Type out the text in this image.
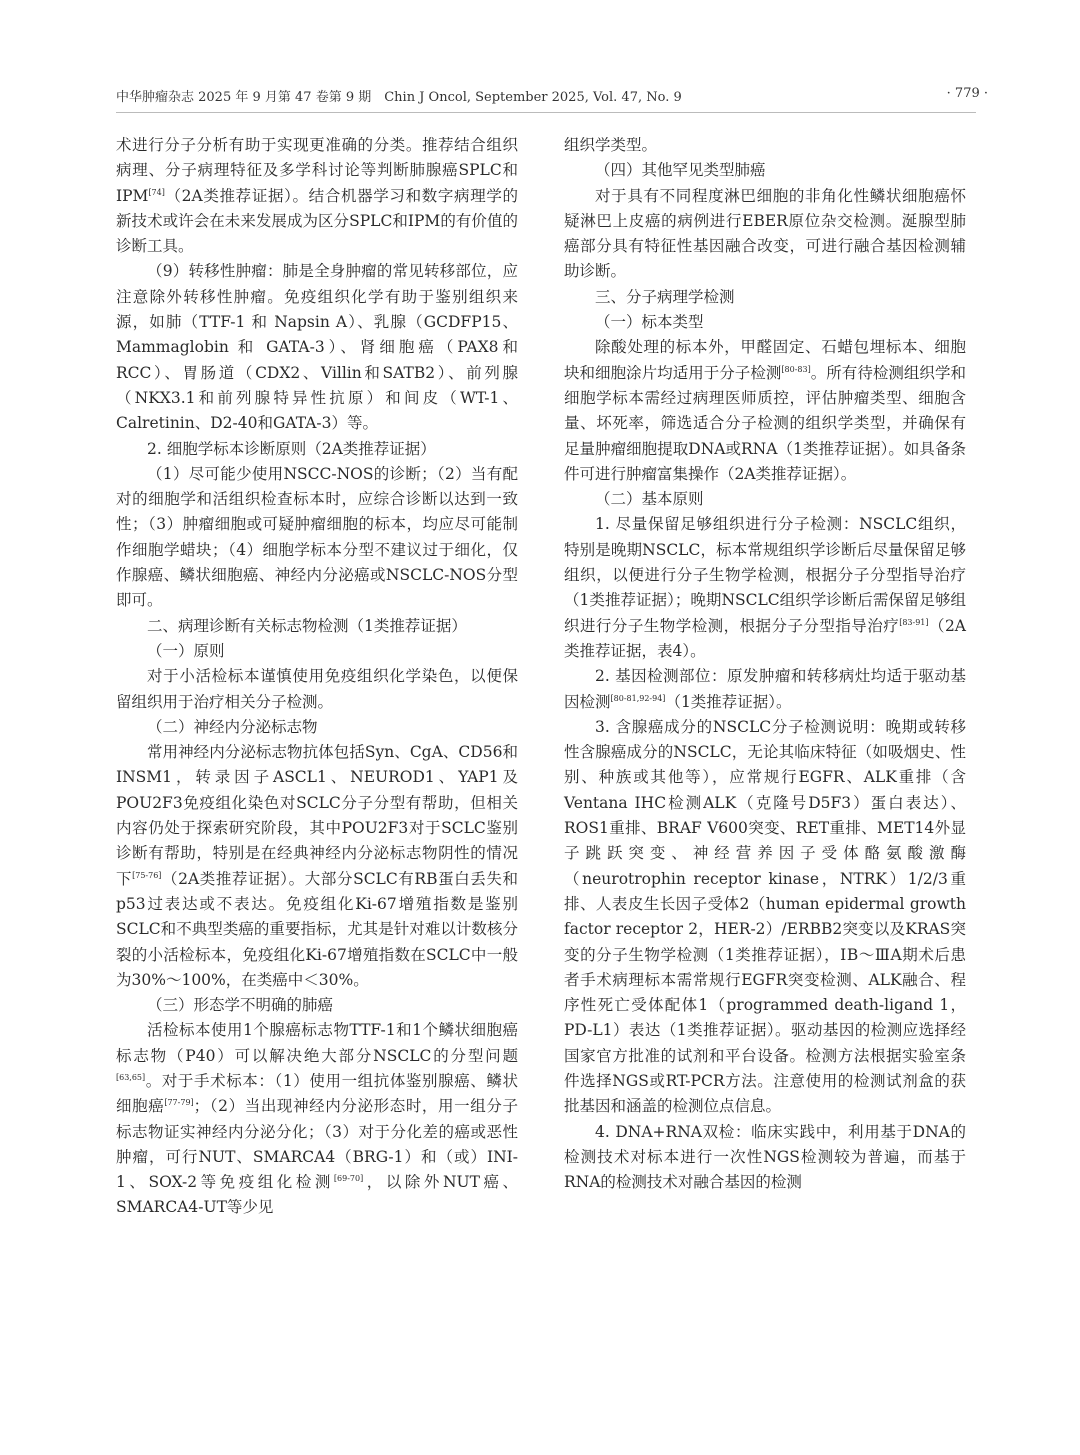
中华肿瘤杂志 2025 年 9 月第 47 卷第 9 期　Chin J Oncol, September 2025, Vol. 47, No. 9	· 779 ·

术进行分子分析有助于实现更准确的分类。推荐结合组织病理、分子病理特征及多学科讨论等判断肺腺癌SPLC和IPM[74]（2A类推荐证据）。结合机器学习和数字病理学的新技术或许会在未来发展成为区分SPLC和IPM的有价值的诊断工具。

（9）转移性肿瘤：肺是全身肿瘤的常见转移部位，应注意除外转移性肿瘤。免疫组织化学有助于鉴别组织来源，如肺（TTF-1 和 Napsin A）、乳腺（GCDFP15、Mammaglobin 和 GATA-3）、肾细胞癌（PAX8和RCC）、胃肠道（CDX2、Villin和SATB2）、前列腺（NKX3.1和前列腺特异性抗原）和间皮（WT-1、Calretinin、D2-40和GATA-3）等。

2. 细胞学标本诊断原则（2A类推荐证据）

（1）尽可能少使用NSCC-NOS的诊断；（2）当有配对的细胞学和活组织检查标本时，应综合诊断以达到一致性；（3）肿瘤细胞或可疑肿瘤细胞的标本，均应尽可能制作细胞学蜡块；（4）细胞学标本分型不建议过于细化，仅作腺癌、鳞状细胞癌、神经内分泌癌或NSCLC-NOS分型即可。

二、病理诊断有关标志物检测（1类推荐证据）

（一）原则

对于小活检标本谨慎使用免疫组织化学染色，以便保留组织用于治疗相关分子检测。

（二）神经内分泌标志物

常用神经内分泌标志物抗体包括Syn、CgA、CD56和INSM1，转录因子ASCL1、NEUROD1、YAP1及POU2F3免疫组化染色对SCLC分子分型有帮助，但相关内容仍处于探索研究阶段，其中POU2F3对于SCLC鉴别诊断有帮助，特别是在经典神经内分泌标志物阴性的情况下[75-76]（2A类推荐证据）。大部分SCLC有RB蛋白丢失和p53过表达或不表达。免疫组化Ki-67增殖指数是鉴别SCLC和不典型类癌的重要指标，尤其是针对难以计数核分裂的小活检标本，免疫组化Ki-67增殖指数在SCLC中一般为30%～100%，在类癌中＜30%。

（三）形态学不明确的肺癌

活检标本使用1个腺癌标志物TTF-1和1个鳞状细胞癌标志物（P40）可以解决绝大部分NSCLC的分型问题[63,65]。对于手术标本：（1）使用一组抗体鉴别腺癌、鳞状细胞癌[77-79]；（2）当出现神经内分泌形态时，用一组分子标志物证实神经内分泌分化；（3）对于分化差的癌或恶性肿瘤，可行NUT、SMARCA4（BRG-1）和（或）INI-1、SOX-2等免疫组化检测[69-70]，以除外NUT癌、SMARCA4-UT等少见

组织学类型。

（四）其他罕见类型肺癌

对于具有不同程度淋巴细胞的非角化性鳞状细胞癌怀疑淋巴上皮癌的病例进行EBER原位杂交检测。涎腺型肺癌部分具有特征性基因融合改变，可进行融合基因检测辅助诊断。

三、分子病理学检测

（一）标本类型

除酸处理的标本外，甲醛固定、石蜡包埋标本、细胞块和细胞涂片均适用于分子检测[80-83]。所有待检测组织学和细胞学标本需经过病理医师质控，评估肿瘤类型、细胞含量、坏死率，筛选适合分子检测的组织学类型，并确保有足量肿瘤细胞提取DNA或RNA（1类推荐证据）。如具备条件可进行肿瘤富集操作（2A类推荐证据）。

（二）基本原则

1. 尽量保留足够组织进行分子检测：NSCLC组织，特别是晚期NSCLC，标本常规组织学诊断后尽量保留足够组织，以便进行分子生物学检测，根据分子分型指导治疗（1类推荐证据）；晚期NSCLC组织学诊断后需保留足够组织进行分子生物学检测，根据分子分型指导治疗[83-91]（2A类推荐证据，表4）。

2. 基因检测部位：原发肿瘤和转移病灶均适于驱动基因检测[80-81,92-94]（1类推荐证据）。

3. 含腺癌成分的NSCLC分子检测说明：晚期或转移性含腺癌成分的NSCLC，无论其临床特征（如吸烟史、性别、种族或其他等），应常规行EGFR、ALK重排（含Ventana IHC检测ALK（克隆号D5F3）蛋白表达）、ROS1重排、BRAF V600突变、RET重排、MET14外显子跳跃突变、神经营养因子受体酪氨酸激酶（neurotrophin receptor kinase，NTRK）1/2/3重排、人表皮生长因子受体2（human epidermal growth factor receptor 2，HER-2）/ERBB2突变以及KRAS突变的分子生物学检测（1类推荐证据），ⅠB～ⅢA期术后患者手术病理标本需常规行EGFR突变检测、ALK融合、程序性死亡受体配体1（programmed death-ligand 1，PD-L1）表达（1类推荐证据）。驱动基因的检测应选择经国家官方批准的试剂和平台设备。检测方法根据实验室条件选择NGS或RT-PCR方法。注意使用的检测试剂盒的获批基因和涵盖的检测位点信息。

4. DNA+RNA双检：临床实践中，利用基于DNA的检测技术对标本进行一次性NGS检测较为普遍，而基于RNA的检测技术对融合基因的检测
